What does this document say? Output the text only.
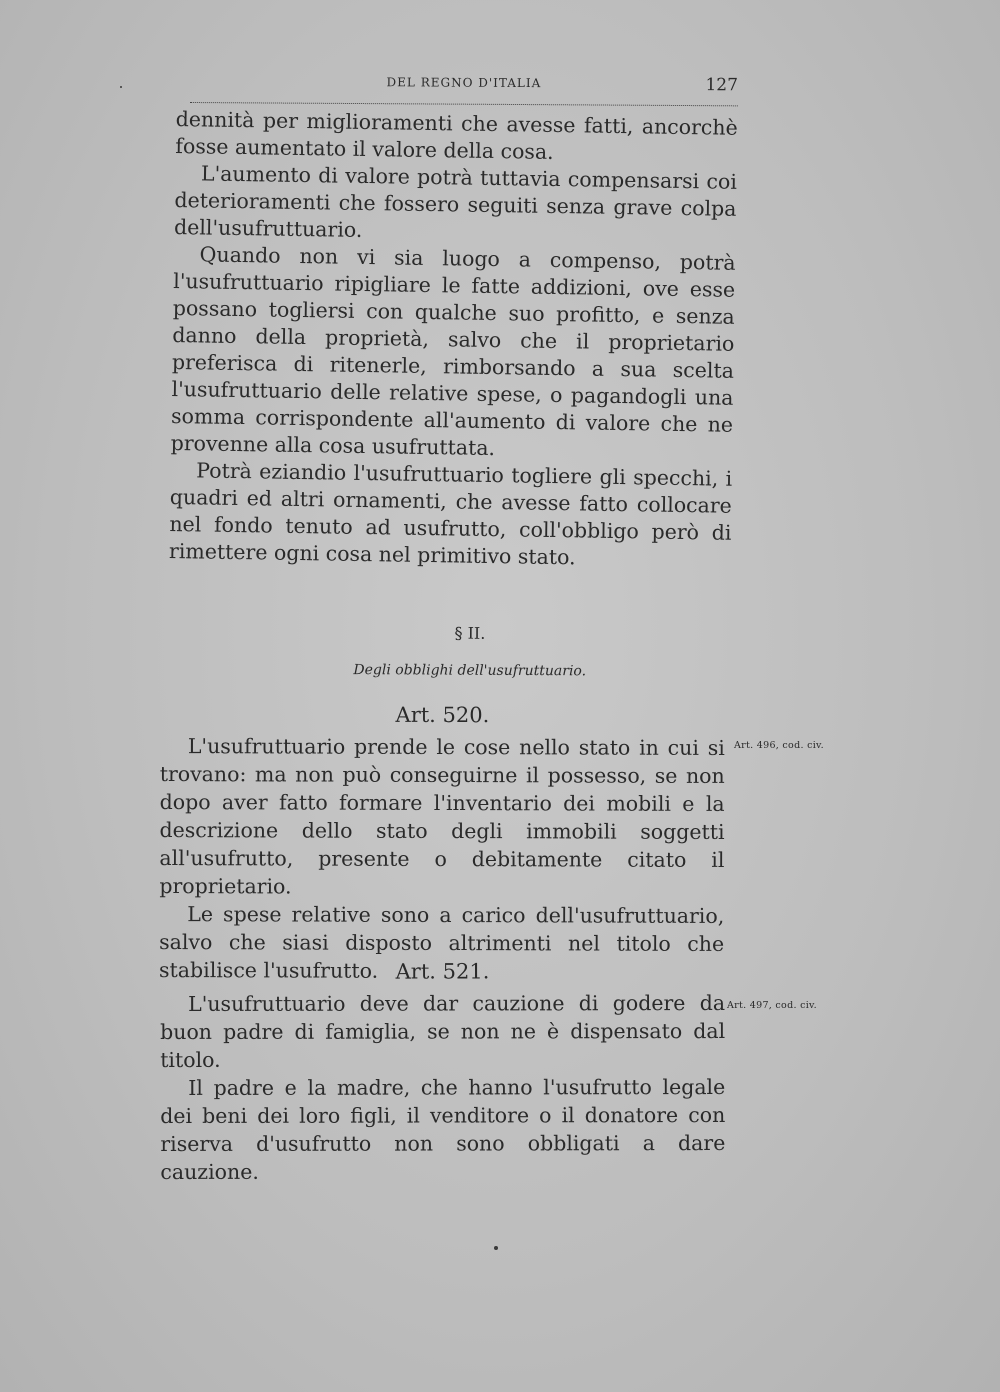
DEL REGNO D'ITALIA	127

dennità per miglioramenti che avesse fatti, ancorchè fosse aumentato il valore della cosa.

L'aumento di valore potrà tuttavia compensarsi coi deterioramenti che fossero seguiti senza grave colpa dell'usufruttuario.

Quando non vi sia luogo a compenso, potrà l'usufruttuario ripigliare le fatte addizioni, ove esse possano togliersi con qualche suo profitto, e senza danno della proprietà, salvo che il proprietario preferisca di ritenerle, rimborsando a sua scelta l'usufruttuario delle relative spese, o pagandogli una somma corrispondente all'aumento di valore che ne provenne alla cosa usufruttata.

Potrà eziandio l'usufruttuario togliere gli specchi, i quadri ed altri ornamenti, che avesse fatto collocare nel fondo tenuto ad usufrutto, coll'obbligo però di rimettere ogni cosa nel primitivo stato.

§ II.
Degli obblighi dell'usufruttuario.
Art. 520.

L'usufruttuario prende le cose nello stato in cui si trovano: ma non può conseguirne il possesso, se non dopo aver fatto formare l'inventario dei mobili e la descrizione dello stato degli immobili soggetti all'usufrutto, presente o debitamente citato il proprietario.

Le spese relative sono a carico dell'usufruttuario, salvo che siasi disposto altrimenti nel titolo che stabilisce l'usufrutto.

Art. 496, cod. civ.
Art. 521.

L'usufruttuario deve dar cauzione di godere da buon padre di famiglia, se non ne è dispensato dal titolo.

Il padre e la madre, che hanno l'usufrutto legale dei beni dei loro figli, il venditore o il donatore con riserva d'usufrutto non sono obbligati a dare cauzione.

Art. 497, cod. civ.
